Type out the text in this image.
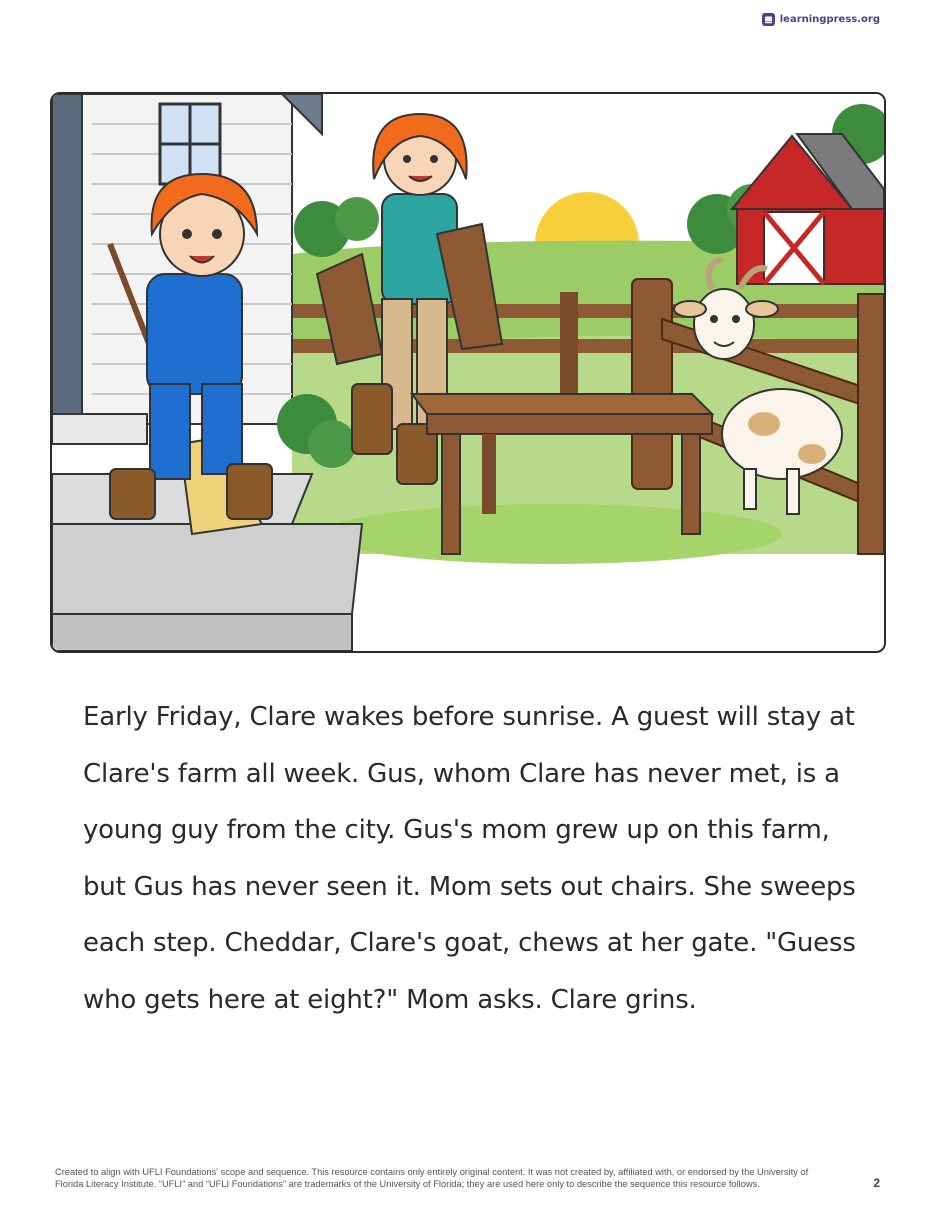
learningpress.org

Early Friday, Clare wakes before sunrise. A guest will stay at Clare's farm all week. Gus, whom Clare has never met, is a young guy from the city. Gus's mom grew up on this farm, but Gus has never seen it. Mom sets out chairs. She sweeps each step. Cheddar, Clare's goat, chews at her gate. "Guess who gets here at eight?" Mom asks. Clare grins.

Created to align with UFLI Foundations' scope and sequence. This resource contains only entirely original content. It was not created by, affiliated with, or endorsed by the University of Florida Literacy Institute. “UFLI” and “UFLI Foundations” are trademarks of the University of Florida; they are used here only to describe the sequence this resource follows.	2
